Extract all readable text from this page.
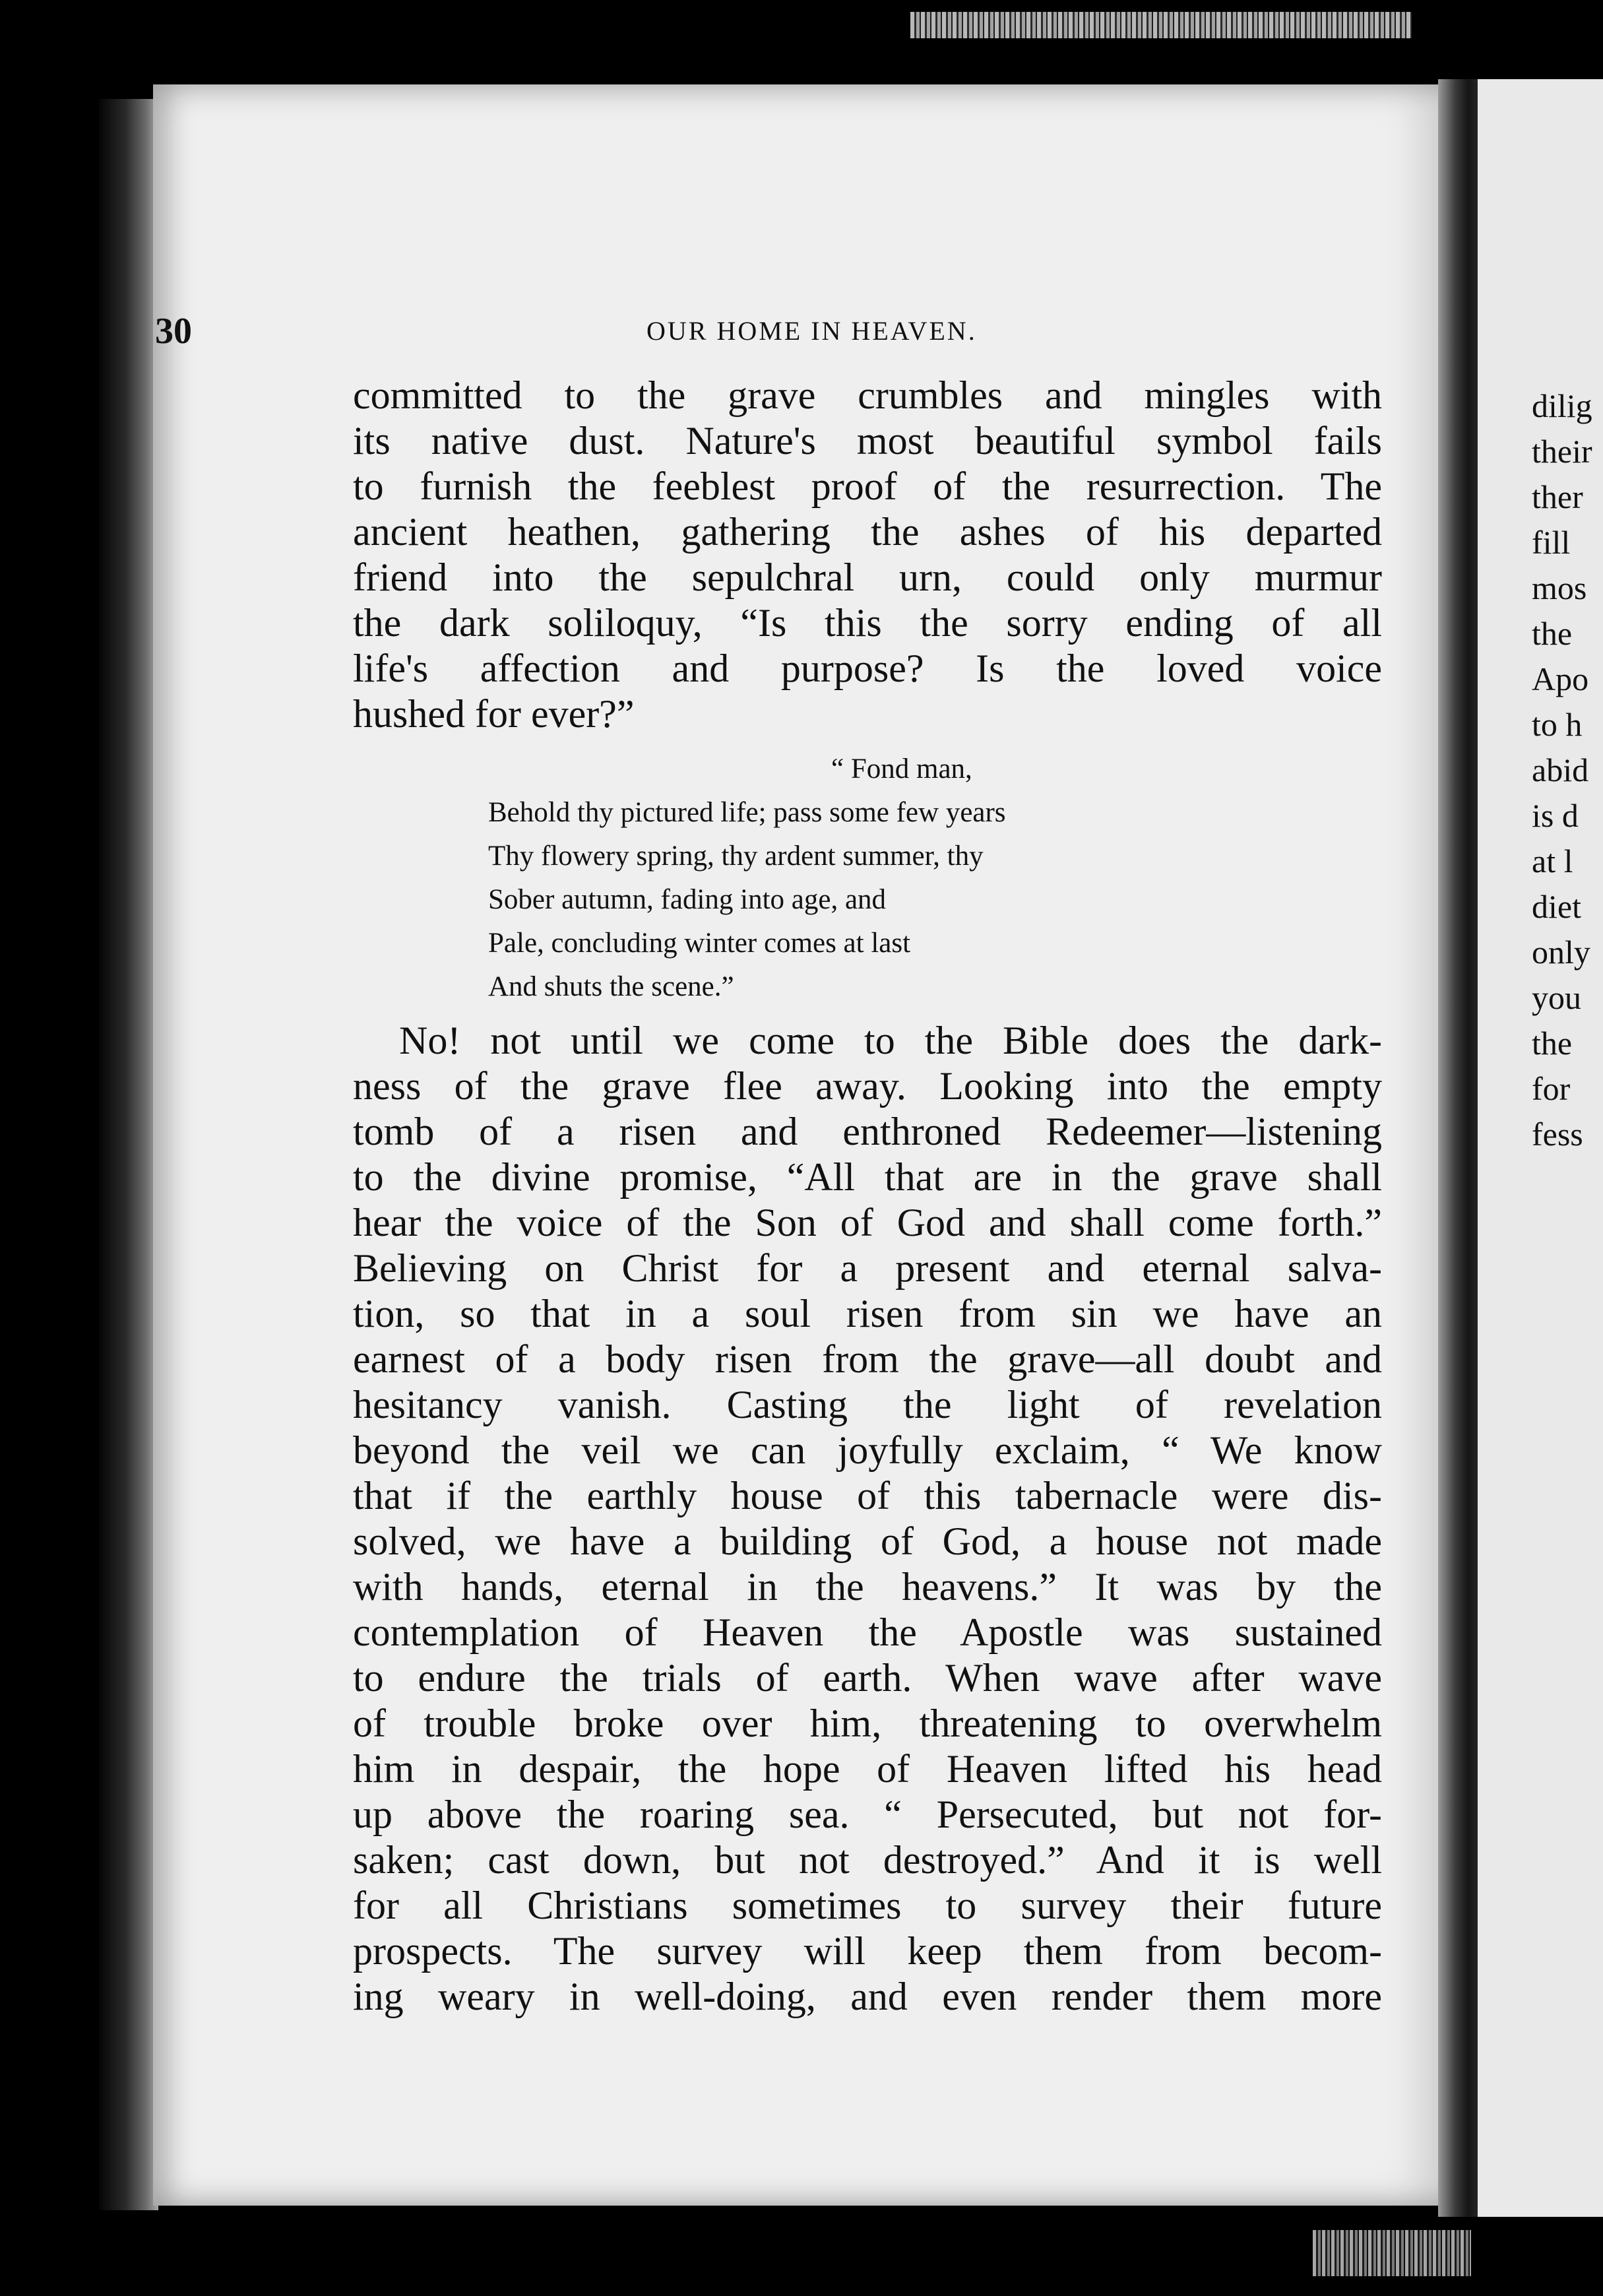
dilig
their
ther
fill
mos
the
Apo
to h
abid
is d
at l
diet
only
you
the
for
fess
30	OUR HOME IN HEAVEN.
committed to the grave crumbles and mingles with
its native dust. Nature's most beautiful symbol fails
to furnish the feeblest proof of the resurrection. The
ancient heathen, gathering the ashes of his departed
friend into the sepulchral urn, could only murmur
the dark soliloquy, “Is this the sorry ending of all
life's affection and purpose? Is the loved voice
hushed for ever?”
“ Fond man,
Behold thy pictured life; pass some few years
Thy flowery spring, thy ardent summer, thy
Sober autumn, fading into age, and
Pale, concluding winter comes at last
And shuts the scene.”
No! not until we come to the Bible does the dark-
ness of the grave flee away. Looking into the empty
tomb of a risen and enthroned Redeemer—listening
to the divine promise, “All that are in the grave shall
hear the voice of the Son of God and shall come forth.”
Believing on Christ for a present and eternal salva-
tion, so that in a soul risen from sin we have an
earnest of a body risen from the grave—all doubt and
hesitancy vanish. Casting the light of revelation
beyond the veil we can joyfully exclaim, “ We know
that if the earthly house of this tabernacle were dis-
solved, we have a building of God, a house not made
with hands, eternal in the heavens.” It was by the
contemplation of Heaven the Apostle was sustained
to endure the trials of earth. When wave after wave
of trouble broke over him, threatening to overwhelm
him in despair, the hope of Heaven lifted his head
up above the roaring sea. “ Persecuted, but not for-
saken; cast down, but not destroyed.” And it is well
for all Christians sometimes to survey their future
prospects. The survey will keep them from becom-
ing weary in well-doing, and even render them more
